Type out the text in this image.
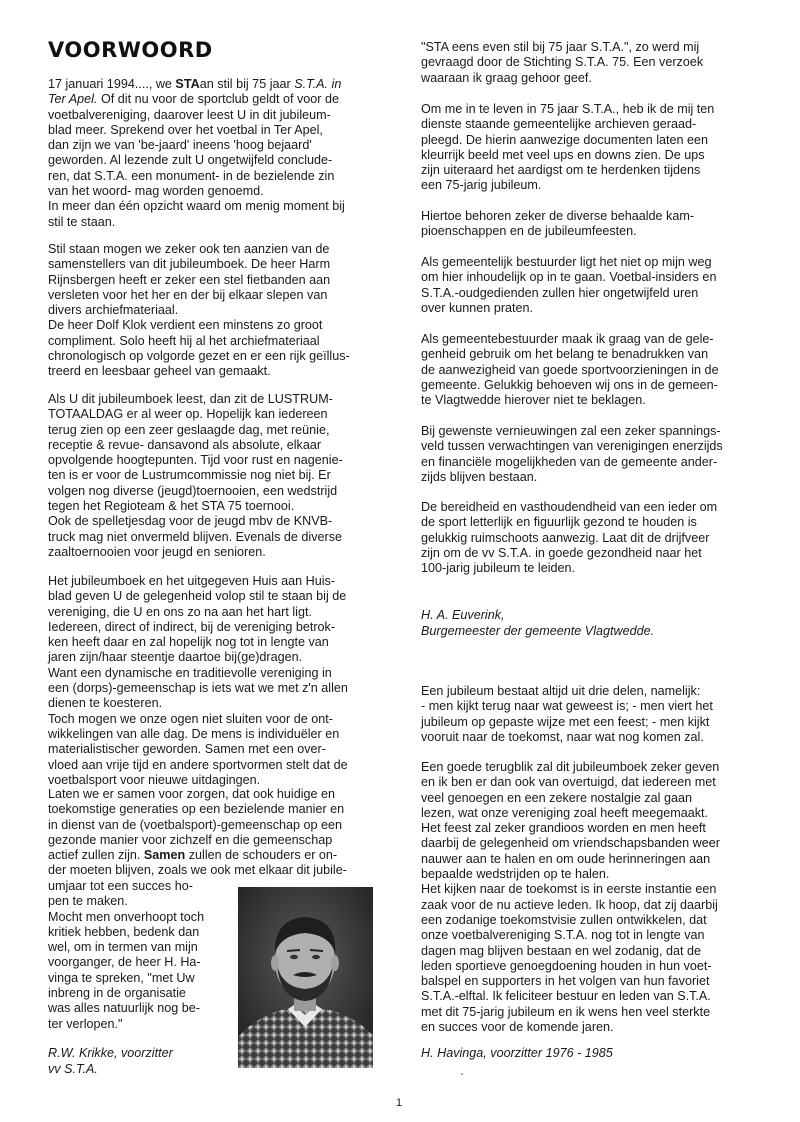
VOORWOORD
17 januari 1994...., we STAan stil bij 75 jaar S.T.A. in
Ter Apel. Of dit nu voor de sportclub geldt of voor de
voetbalvereniging, daarover leest U in dit jubileum-
blad meer. Sprekend over het voetbal in Ter Apel,
dan zijn we van 'be-jaard' ineens 'hoog bejaard'
geworden. Al lezende zult U ongetwijfeld conclude-
ren, dat S.T.A. een monument- in de bezielende zin
van het woord- mag worden genoemd.
In meer dan één opzicht waard om menig moment bij
stil te staan.
Stil staan mogen we zeker ook ten aanzien van de
samenstellers van dit jubileumboek. De heer Harm
Rijnsbergen heeft er zeker een stel fietbanden aan
versleten voor het her en der bij elkaar slepen van
divers archiefmateriaal.
De heer Dolf Klok verdient een minstens zo groot
compliment. Solo heeft hij al het archiefmateriaal
chronologisch op volgorde gezet en er een rijk geïllus-
treerd en leesbaar geheel van gemaakt.
Als U dit jubileumboek leest, dan zit de LUSTRUM-
TOTAALDAG er al weer op. Hopelijk kan iedereen
terug zien op een zeer geslaagde dag, met reünie,
receptie & revue- dansavond als absolute, elkaar
opvolgende hoogtepunten. Tijd voor rust en nagenie-
ten is er voor de Lustrumcommissie nog niet bij. Er
volgen nog diverse (jeugd)toernooien, een wedstrijd
tegen het Regioteam & het STA 75 toernooi.
Ook de spelletjesdag voor de jeugd mbv de KNVB-
truck mag niet onvermeld blijven. Evenals de diverse
zaaltoernooien voor jeugd en senioren.
Het jubileumboek en het uitgegeven Huis aan Huis-
blad geven U de gelegenheid volop stil te staan bij de
vereniging, die U en ons zo na aan het hart ligt.
Iedereen, direct of indirect, bij de vereniging betrok-
ken heeft daar en zal hopelijk nog tot in lengte van
jaren zijn/haar steentje daartoe bij(ge)dragen.
Want een dynamische en traditievolle vereniging in
een (dorps)-gemeenschap is iets wat we met z'n allen
dienen te koesteren.
Toch mogen we onze ogen niet sluiten voor de ont-
wikkelingen van alle dag. De mens is individuëler en
materialistischer geworden. Samen met een over-
vloed aan vrije tijd en andere sportvormen stelt dat de
voetbalsport voor nieuwe uitdagingen.
Laten we er samen voor zorgen, dat ook huidige en
toekomstige generaties op een bezielende manier en
in dienst van de (voetbalsport)-gemeenschap op een
gezonde manier voor zichzelf en die gemeenschap
actief zullen zijn. Samen zullen de schouders er on-
der moeten blijven, zoals we ook met elkaar dit jubile-
umjaar tot een succes ho-
pen te maken.
Mocht men onverhoopt toch
kritiek hebben, bedenk dan
wel, om in termen van mijn
voorganger, de heer H. Ha-
vinga te spreken, "met Uw
inbreng in de organisatie
was alles natuurlijk nog be-
ter verlopen."
R.W. Krikke, voorzitter
vv S.T.A.
"STA eens even stil bij 75 jaar S.T.A.", zo werd mij
gevraagd door de Stichting S.T.A. 75. Een verzoek
waaraan ik graag gehoor geef.
Om me in te leven in 75 jaar S.T.A., heb ik de mij ten
dienste staande gemeentelijke archieven geraad-
pleegd. De hierin aanwezige documenten laten een
kleurrijk beeld met veel ups en downs zien. De ups
zijn uiteraard het aardigst om te herdenken tijdens
een 75-jarig jubileum.
Hiertoe behoren zeker de diverse behaalde kam-
pioenschappen en de jubileumfeesten.
Als gemeentelijk bestuurder ligt het niet op mijn weg
om hier inhoudelijk op in te gaan. Voetbal-insiders en
S.T.A.-oudgedienden zullen hier ongetwijfeld uren
over kunnen praten.
Als gemeentebestuurder maak ik graag van de gele-
genheid gebruik om het belang te benadrukken van
de aanwezigheid van goede sportvoorzieningen in de
gemeente. Gelukkig behoeven wij ons in de gemeen-
te Vlagtwedde hierover niet te beklagen.
Bij gewenste vernieuwingen zal een zeker spannings-
veld tussen verwachtingen van verenigingen enerzijds
en financiële mogelijkheden van de gemeente ander-
zijds blijven bestaan.
De bereidheid en vasthoudendheid van een ieder om
de sport letterlijk en figuurlijk gezond te houden is
gelukkig ruimschoots aanwezig. Laat dit de drijfveer
zijn om de vv S.T.A. in goede gezondheid naar het
100-jarig jubileum te leiden.
H. A. Euverink,
Burgemeester der gemeente Vlagtwedde.
Een jubileum bestaat altijd uit drie delen, namelijk:
- men kijkt terug naar wat geweest is; - men viert het
jubileum op gepaste wijze met een feest; - men kijkt
vooruit naar de toekomst, naar wat nog komen zal.
Een goede terugblik zal dit jubileumboek zeker geven
en ik ben er dan ook van overtuigd, dat iedereen met
veel genoegen en een zekere nostalgie zal gaan
lezen, wat onze vereniging zoal heeft meegemaakt.
Het feest zal zeker grandioos worden en men heeft
daarbij de gelegenheid om vriendschapsbanden weer
nauwer aan te halen en om oude herinneringen aan
bepaalde wedstrijden op te halen.
Het kijken naar de toekomst is in eerste instantie een
zaak voor de nu actieve leden. Ik hoop, dat zij daarbij
een zodanige toekomstvisie zullen ontwikkelen, dat
onze voetbalvereniging S.T.A. nog tot in lengte van
dagen mag blijven bestaan en wel zodanig, dat de
leden sportieve genoegdoening houden in hun voet-
balspel en supporters in het volgen van hun favoriet
S.T.A.-elftal. Ik feliciteer bestuur en leden van S.T.A.
met dit 75-jarig jubileum en ik wens hen veel sterkte
en succes voor de komende jaren.
H. Havinga, voorzitter 1976 - 1985
1
